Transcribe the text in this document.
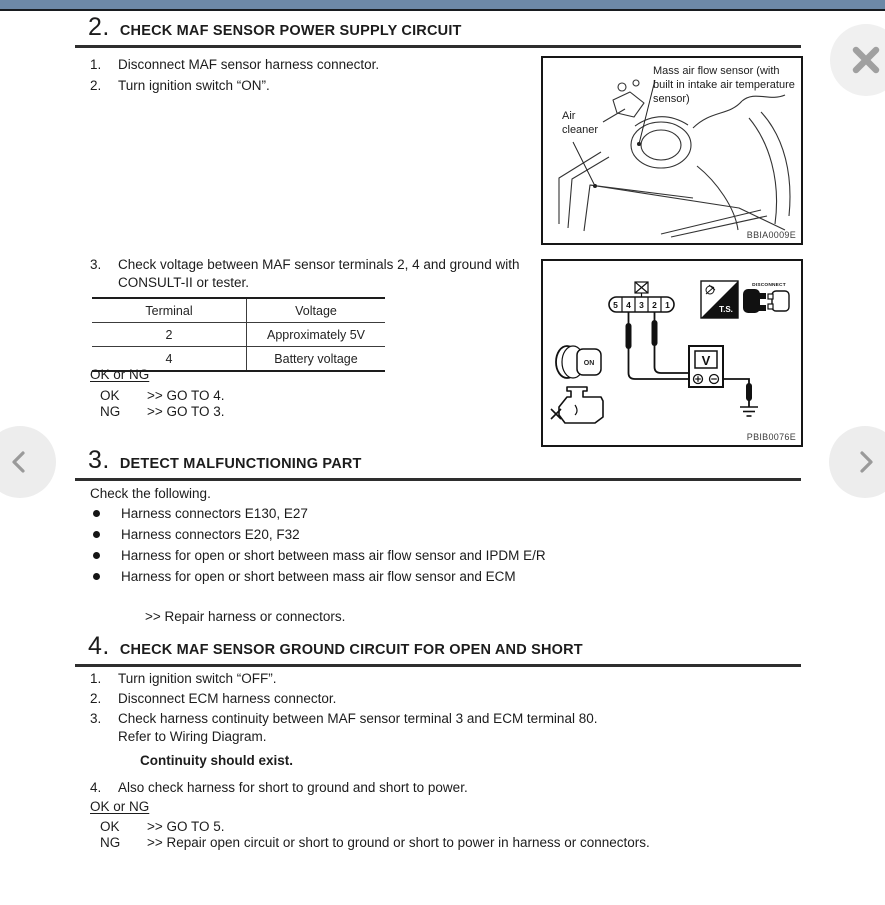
2. CHECK MAF SENSOR POWER SUPPLY CIRCUIT
1.	Disconnect MAF sensor harness connector.
2.	Turn ignition switch “ON”.
3.	Check voltage between MAF sensor terminals 2, 4 and ground with CONSULT-II or tester.
Mass air flow sensor (with built in intake air temperature sensor)
Air cleaner
BBIA0009E
Terminal	Voltage
2	Approximately 5V
4	Battery voltage
OK or NG
OK	>> GO TO 4.
NG	>> GO TO 3.
5 4 3 2 1
V
T.S.
DISCONNECT
ON
PBIB0076E
3. DETECT MALFUNCTIONING PART
Check the following.
Harness connectors E130, E27
Harness connectors E20, F32
Harness for open or short between mass air flow sensor and IPDM E/R
Harness for open or short between mass air flow sensor and ECM
>> Repair harness or connectors.
4. CHECK MAF SENSOR GROUND CIRCUIT FOR OPEN AND SHORT
1.	Turn ignition switch “OFF”.
2.	Disconnect ECM harness connector.
3.	Check harness continuity between MAF sensor terminal 3 and ECM terminal 80.
Refer to Wiring Diagram.
Continuity should exist.
4.	Also check harness for short to ground and short to power.
OK or NG
OK	>> GO TO 5.
NG	>> Repair open circuit or short to ground or short to power in harness or connectors.
